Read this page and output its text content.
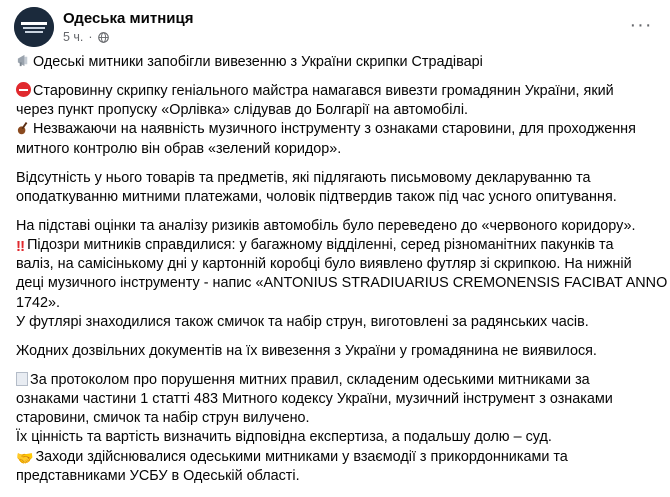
Одеська митниця
5 ч. ·
···
Одеські митники запобігли вивезенню з України скрипки Страдіварі
Старовинну скрипку геніального майстра намагався вивезти громадянин України, який
через пункт пропуску «Орлівка» слідував до Болгарії на автомобілі.
Незважаючи на наявність музичного інструменту з ознаками старовини, для проходження
митного контролю він обрав «зелений коридор».
Відсутність у нього товарів та предметів, які підлягають письмовому декларуванню та
оподаткуванню митними платежами, чоловік підтвердив також під час усного опитування.
На підставі оцінки та аналізу ризиків автомобіль було переведено до «червоного коридору».
‼ Підозри митників справдилися: у багажному відділенні, серед різноманітних пакунків та
валіз, на самісінькому дні у картонній коробці було виявлено футляр зі скрипкою. На нижній
деці музичного інструменту - напис «ANTONIUS STRADIUARIUS CREMONENSIS FACIBAT ANNO
1742».
У футлярі знаходилися також смичок та набір струн, виготовлені за радянських часів.
Жодних дозвільних документів на їх вивезення з України у громадянина не виявилося.
За протоколом про порушення митних правил, складеним одеськими митниками за
ознаками частини 1 статті 483 Митного кодексу України, музичний інструмент з ознаками
старовини, смичок та набір струн вилучено.
Їх цінність та вартість визначить відповідна експертиза, а подальшу долю – суд.
🤝 Заходи здійснювалися одеськими митниками у взаємодії з прикордонниками та
представниками УСБУ в Одеській області.
